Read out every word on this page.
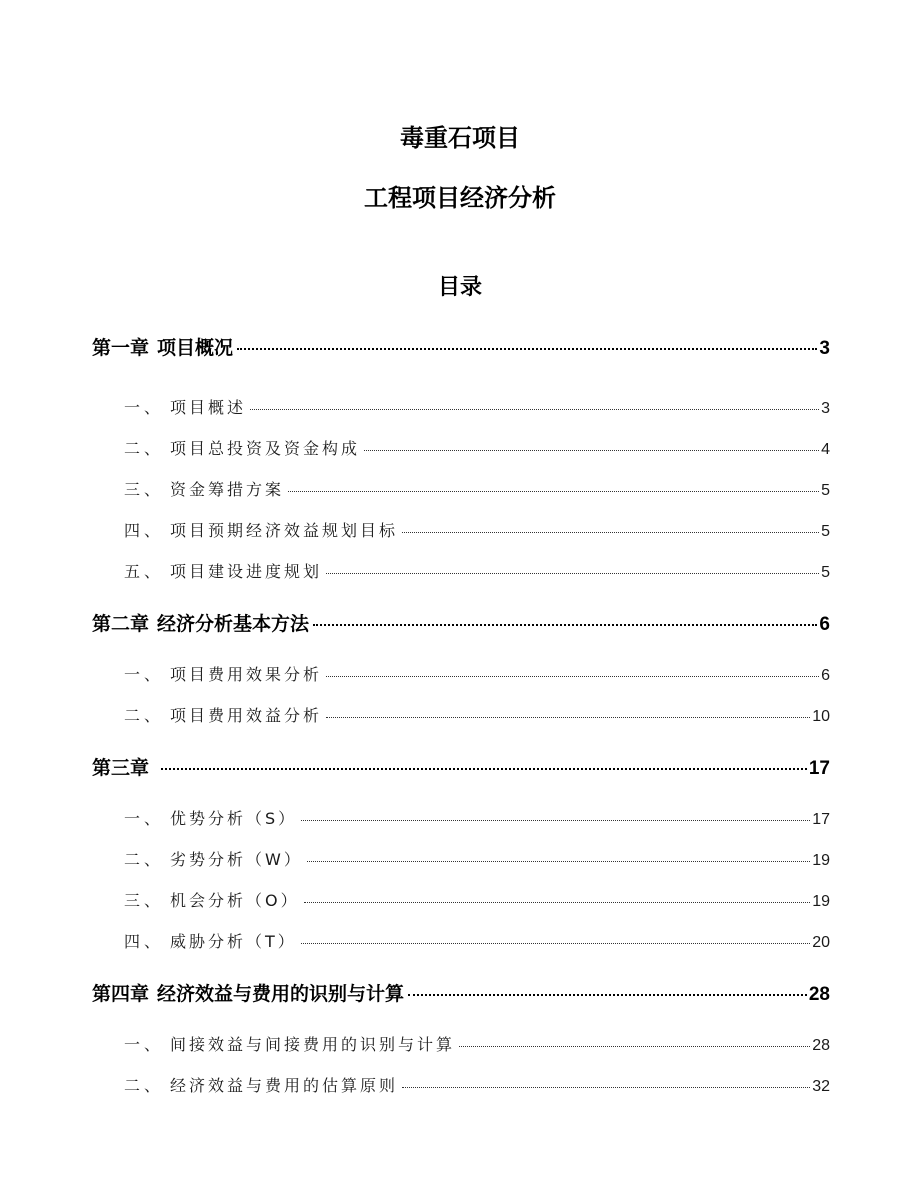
毒重石项目
工程项目经济分析
目录
第一章 项目概况	3
一、 项目概述	3
二、 项目总投资及资金构成	4
三、 资金筹措方案	5
四、 项目预期经济效益规划目标	5
五、 项目建设进度规划	5
第二章 经济分析基本方法	6
一、 项目费用效果分析	6
二、 项目费用效益分析	10
第三章	17
一、 优势分析（S）	17
二、 劣势分析（W）	19
三、 机会分析（O）	19
四、 威胁分析（T）	20
第四章 经济效益与费用的识别与计算	28
一、 间接效益与间接费用的识别与计算	28
二、 经济效益与费用的估算原则	32
